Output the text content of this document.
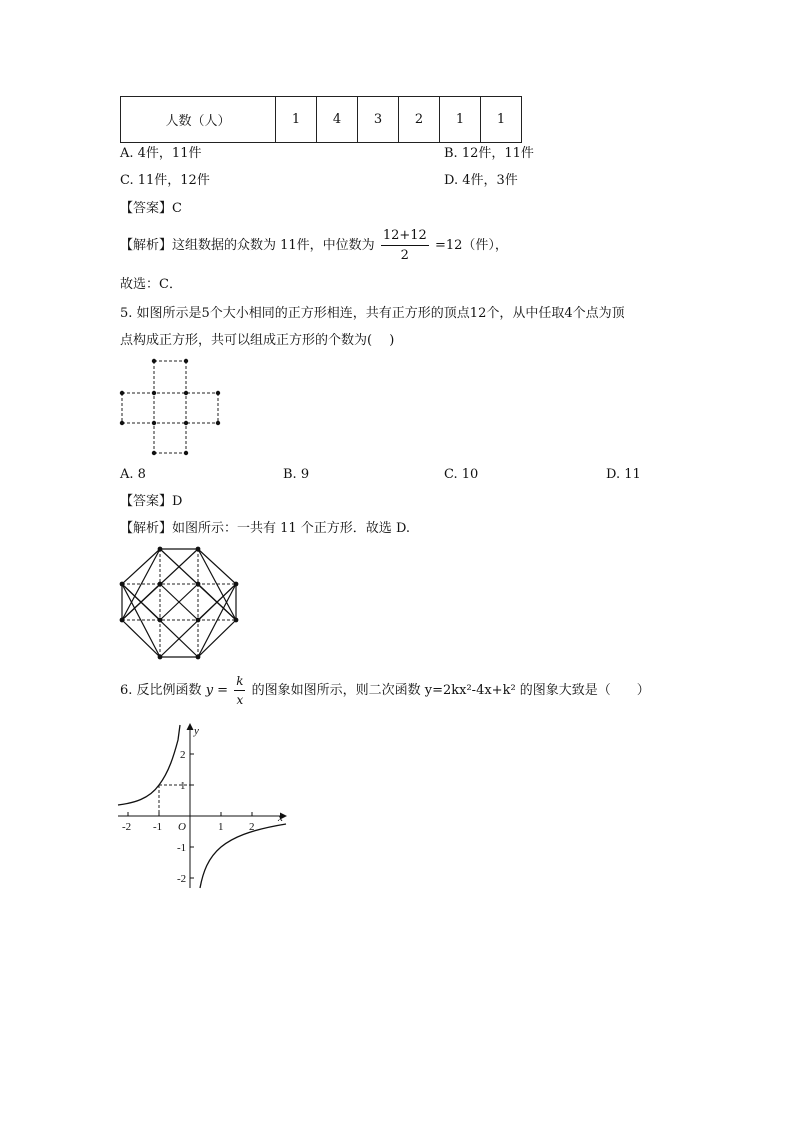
人数（人）	1	4	3	2	1	1
A. 4件，11件	B. 12件，11件
C. 11件，12件	D. 4件，3件
【答案】C
【解析】这组数据的众数为 11件，中位数为 $\frac{12+12}{2} =12$（件），
故选：C．
5. 如图所示是5个大小相同的正方形相连，共有正方形的顶点12个，从中任取4个点为顶
点构成正方形，共可以组成正方形的个数为(　 )
A. 8	B. 9	C. 10	D. 11
【答案】D
【解析】如图所示：一共有 11 个正方形．故选 D.
6. 反比例函数 $y = \frac{k}{x}$ 的图象如图所示，则二次函数 y=2kx²-4x+k² 的图象大致是（　　）
y
x
O
-2 -1	1 2
2
1
-1
-2
